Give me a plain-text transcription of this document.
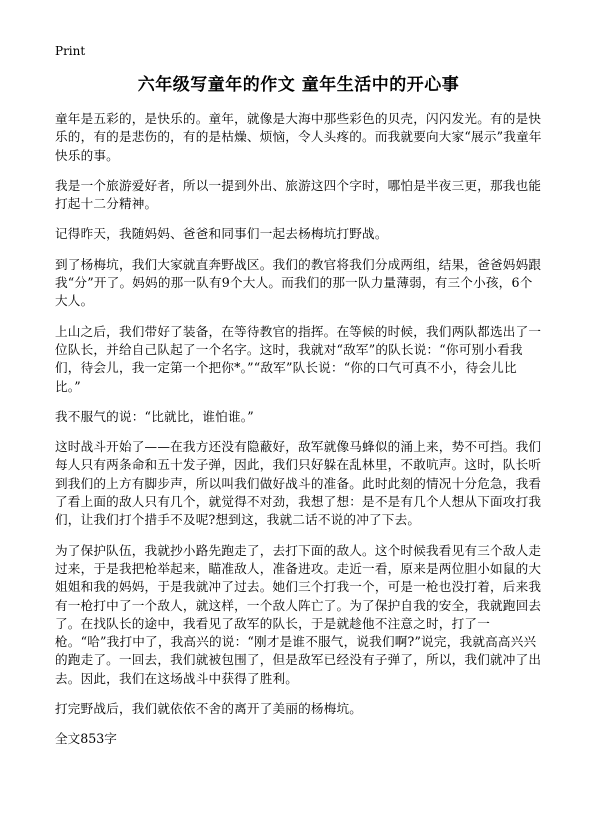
Print
六年级写童年的作文 童年生活中的开心事

童年是五彩的，是快乐的。童年，就像是大海中那些彩色的贝壳，闪闪发光。有的是快乐的，有的是悲伤的，有的是枯燥、烦恼，令人头疼的。而我就要向大家“展示”我童年快乐的事。

我是一个旅游爱好者，所以一提到外出、旅游这四个字时，哪怕是半夜三更，那我也能打起十二分精神。

记得昨天，我随妈妈、爸爸和同事们一起去杨梅坑打野战。

到了杨梅坑，我们大家就直奔野战区。我们的教官将我们分成两组，结果，爸爸妈妈跟我“分”开了。妈妈的那一队有9个大人。而我们的那一队力量薄弱，有三个小孩，6个大人。

上山之后，我们带好了装备，在等待教官的指挥。在等候的时候，我们两队都选出了一位队长，并给自己队起了一个名字。这时，我就对“敌军”的队长说：“你可别小看我们，待会儿，我一定第一个把你*。”“敌军”队长说：“你的口气可真不小，待会儿比比。”

我不服气的说：“比就比，谁怕谁。”

这时战斗开始了——在我方还没有隐蔽好，敌军就像马蜂似的涌上来，势不可挡。我们每人只有两条命和五十发子弹，因此，我们只好躲在乱林里，不敢吭声。这时，队长听到我们的上方有脚步声，所以叫我们做好战斗的准备。此时此刻的情况十分危急，我看了看上面的敌人只有几个，就觉得不对劲，我想了想：是不是有几个人想从下面攻打我们，让我们打个措手不及呢?想到这，我就二话不说的冲了下去。

为了保护队伍，我就抄小路先跑走了，去打下面的敌人。这个时候我看见有三个敌人走过来，于是我把枪举起来，瞄准敌人，准备进攻。走近一看，原来是两位胆小如鼠的大姐姐和我的妈妈，于是我就冲了过去。她们三个打我一个，可是一枪也没打着，后来我有一枪打中了一个敌人，就这样，一个敌人阵亡了。为了保护自我的安全，我就跑回去了。在找队长的途中，我看见了敌军的队长，于是就趁他不注意之时，打了一枪。“哈”我打中了，我高兴的说：“刚才是谁不服气，说我们啊?”说完，我就高高兴兴的跑走了。一回去，我们就被包围了，但是敌军已经没有子弹了，所以，我们就冲了出去。因此，我们在这场战斗中获得了胜利。

打完野战后，我们就依依不舍的离开了美丽的杨梅坑。

全文853字
